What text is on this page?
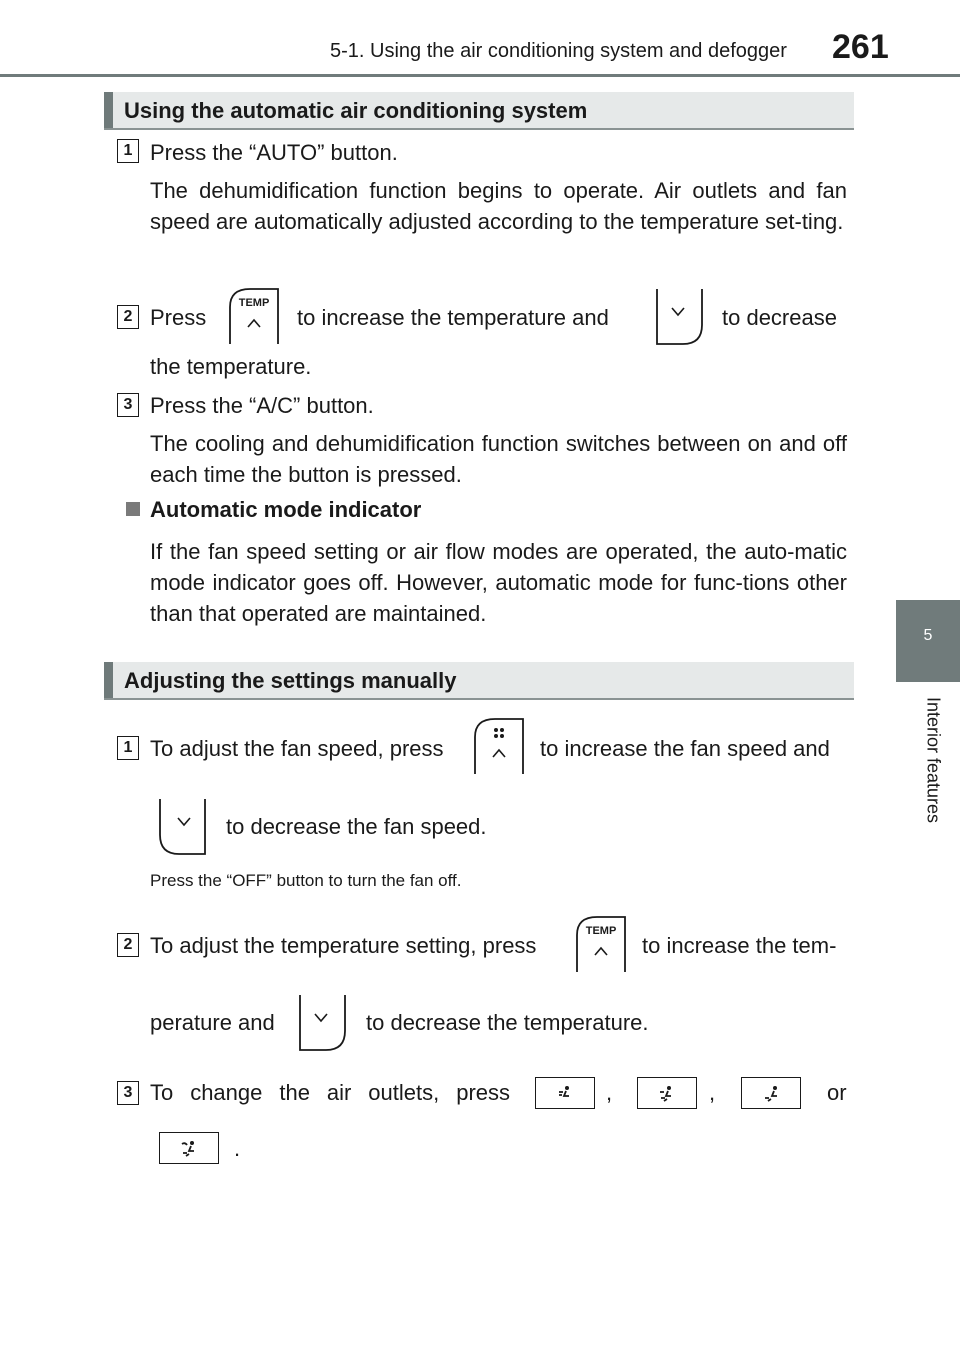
5-1. Using the air conditioning system and defogger 261
5
Interior features
Using the automatic air conditioning system
1 Press the “AUTO” button.
The dehumidification function begins to operate. Air outlets and fan speed are automatically adjusted according to the temperature set-ting.
2 Press
TEMP
to increase the temperature and	to decrease
the temperature.
3 Press the “A/C” button.
The cooling and dehumidification function switches between on and off each time the button is pressed.
Automatic mode indicator
If the fan speed setting or air flow modes are operated, the auto-matic mode indicator goes off. However, automatic mode for func-tions other than that operated are maintained.
Adjusting the settings manually
1 To adjust the fan speed, press	to increase the fan speed and
to decrease the fan speed.
Press the “OFF” button to turn the fan off.
2 To adjust the temperature setting, press
TEMP
to increase the tem-
perature and	to decrease the temperature.
3 To change the air outlets, press	,	,	or
.
